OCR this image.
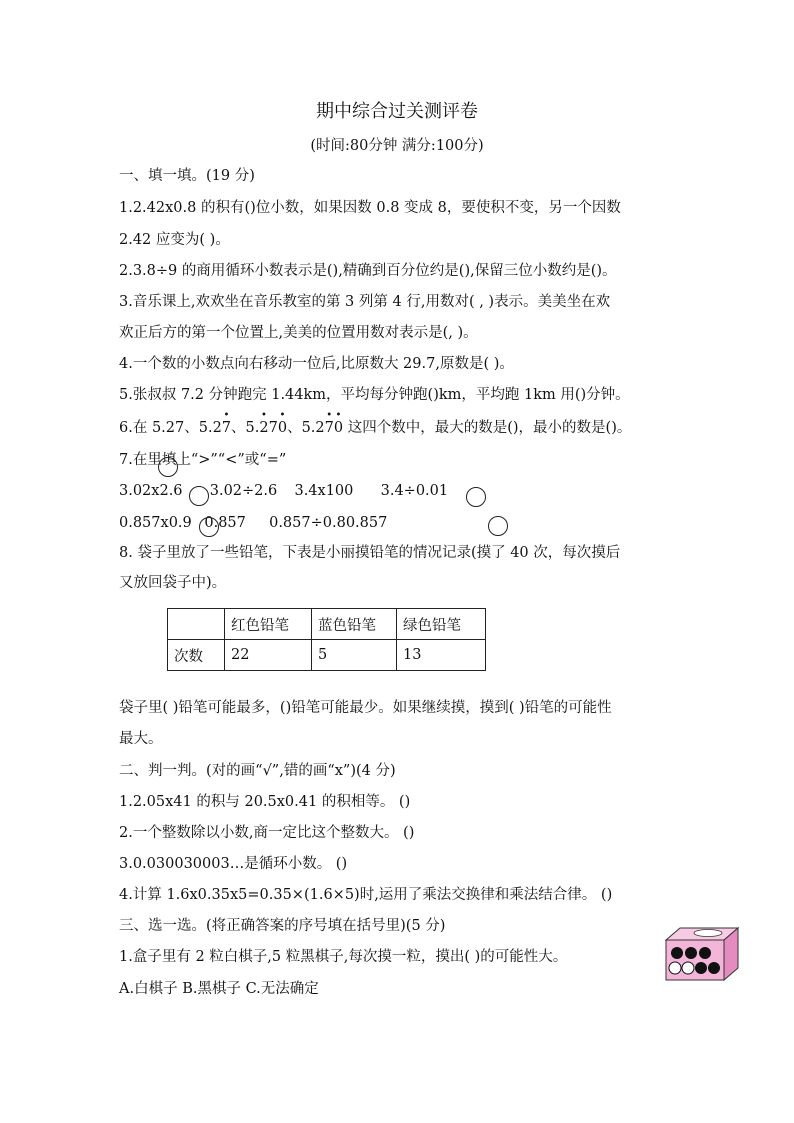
期中综合过关测评卷
(时间:80分钟 满分:100分)
一、填一填。(19 分)
1.2.42x0.8 的积有()位小数，如果因数 0.8 变成 8，要使积不变，另一个因数
2.42 应变为( )。
2.3.8÷9 的商用循环小数表示是(),精确到百分位约是(),保留三位小数约是()。
3.音乐课上,欢欢坐在音乐教室的第 3 列第 4 行,用数对( , )表示。美美坐在欢
欢正后方的第一个位置上,美美的位置用数对表示是(, )。
4.一个数的小数点向右移动一位后,比原数大 29.7,原数是( )。
5.张叔叔 7.2 分钟跑完 1.44km，平均每分钟跑()km，平均跑 1km 用()分钟。
6.在 5.27、5.2• 7、5.• 27• 0、5.2• 7• 0 这四个数中，最大的数是()，最小的数是()。
7.在里填上“>”“<”或“=”
3.02x2.6 3.02÷2.6 3.4x100 3.4÷0.01
0.857x0.9 0.857 0.857÷0.80.857
8. 袋子里放了一些铅笔，下表是小丽摸铅笔的情况记录(摸了 40 次，每次摸后
又放回袋子中)。
	红色铅笔	蓝色铅笔	绿色铅笔
次数	22	5	13
袋子里( )铅笔可能最多，()铅笔可能最少。如果继续摸，摸到( )铅笔的可能性
最大。
二、判一判。(对的画“√”,错的画“x”)(4 分)
1.2.05x41 的积与 20.5x0.41 的积相等。 ()
2.一个整数除以小数,商一定比这个整数大。 ()
3.0.030030003…是循环小数。 ()
4.计算 1.6x0.35x5=0.35×(1.6×5)时,运用了乘法交换律和乘法结合律。 ()
三、选一选。(将正确答案的序号填在括号里)(5 分)
1.盒子里有 2 粒白棋子,5 粒黑棋子,每次摸一粒，摸出( )的可能性大。
A.白棋子 B.黑棋子 C.无法确定
